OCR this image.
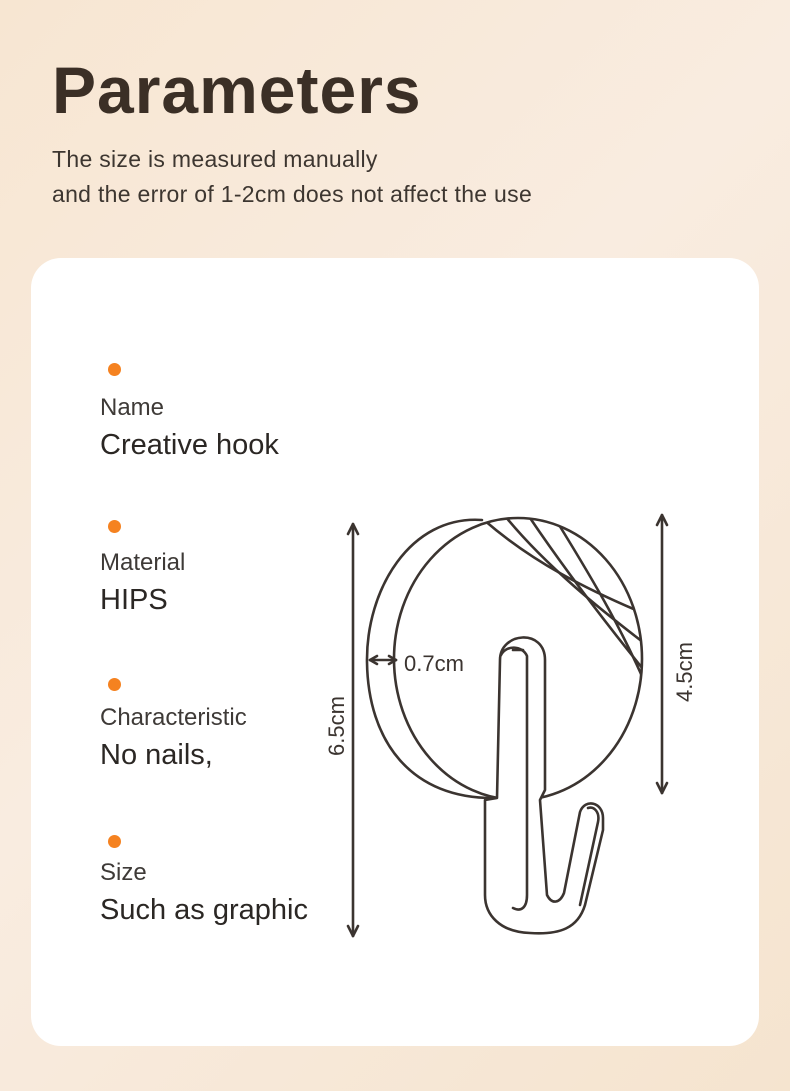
Parameters

The size is measured manually

and the error of 1-2cm does not affect the use

Name
Creative hook
Material
HIPS
Characteristic
No nails,
Size
Such as graphic
0.7cm
6.5cm
4.5cm
